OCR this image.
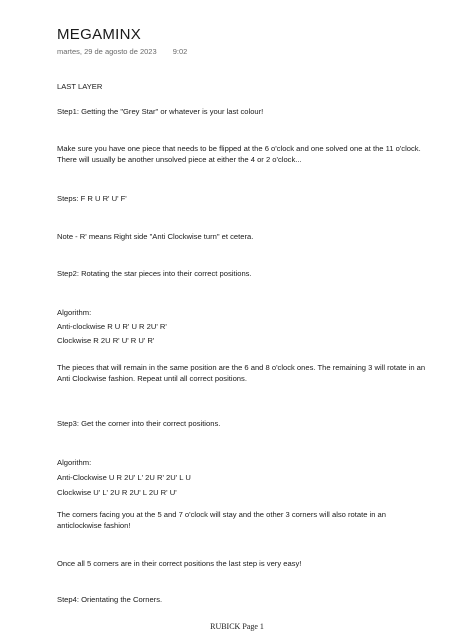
MEGAMINX
martes, 29 de agosto de 2023 9:02
LAST LAYER
Step1: Getting the "Grey Star" or whatever is your last colour!
Make sure you have one piece that needs to be flipped at the 6 o'clock and one solved one at the 11 o'clock. There will usually be another unsolved piece at either the 4 or 2 o'clock...
Steps: F R U R' U' F'
Note - R' means Right side "Anti Clockwise turn" et cetera.
Step2: Rotating the star pieces into their correct positions.
Algorithm:
Anti-clockwise R U R' U R 2U' R'
Clockwise R 2U R' U' R U' R'
The pieces that will remain in the same position are the 6 and 8 o'clock ones. The remaining 3 will rotate in an Anti Clockwise fashion. Repeat until all correct positions.
Step3: Get the corner into their correct positions.
Algorithm:
Anti-Clockwise U R 2U' L' 2U R' 2U' L U
Clockwise U' L' 2U R 2U' L 2U R' U'
The corners facing you at the 5 and 7 o'clock will stay and the other 3 corners will also rotate in an anticlockwise fashion!
Once all 5 corners are in their correct positions the last step is very easy!
Step4: Orientating the Corners.
RUBICK Page 1
